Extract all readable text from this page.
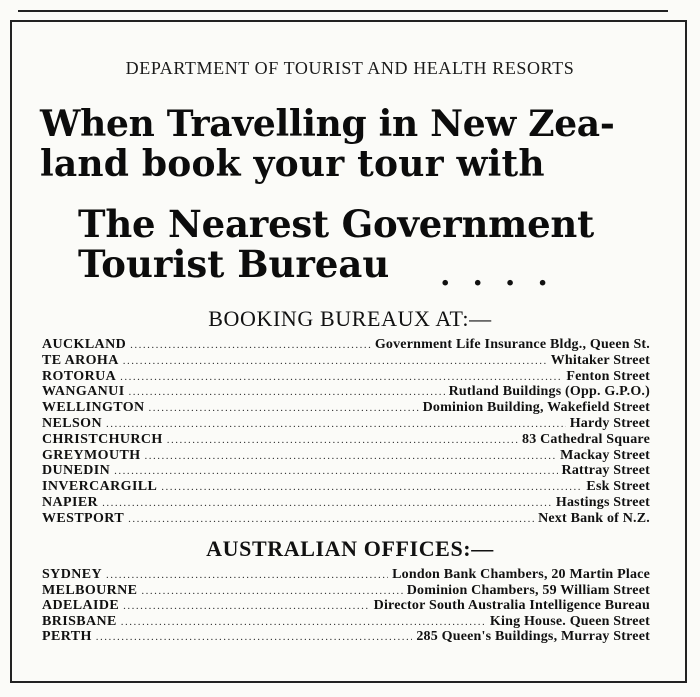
DEPARTMENT OF TOURIST AND HEALTH RESORTS
When Travelling in New Zea-
land book your tour with
The Nearest Government
Tourist Bureau	....
BOOKING BUREAUX AT:—
AUCKLAND .....	Government Life Insurance Bldg., Queen St.
TE AROHA .....	Whitaker Street
ROTORUA .....	Fenton Street
WANGANUI .....	Rutland Buildings (Opp. G.P.O.)
WELLINGTON .....	Dominion Building, Wakefield Street
NELSON .....	Hardy Street
CHRISTCHURCH .....	83 Cathedral Square
GREYMOUTH .....	Mackay Street
DUNEDIN .....	Rattray Street
INVERCARGILL .....	Esk Street
NAPIER .....	Hastings Street
WESTPORT .....	Next Bank of N.Z.
AUSTRALIAN OFFICES:—
SYDNEY .....	London Bank Chambers, 20 Martin Place
MELBOURNE .....	Dominion Chambers, 59 William Street
ADELAIDE .....	Director South Australia Intelligence Bureau
BRISBANE .....	King House. Queen Street
PERTH .....	285 Queen's Buildings, Murray Street
